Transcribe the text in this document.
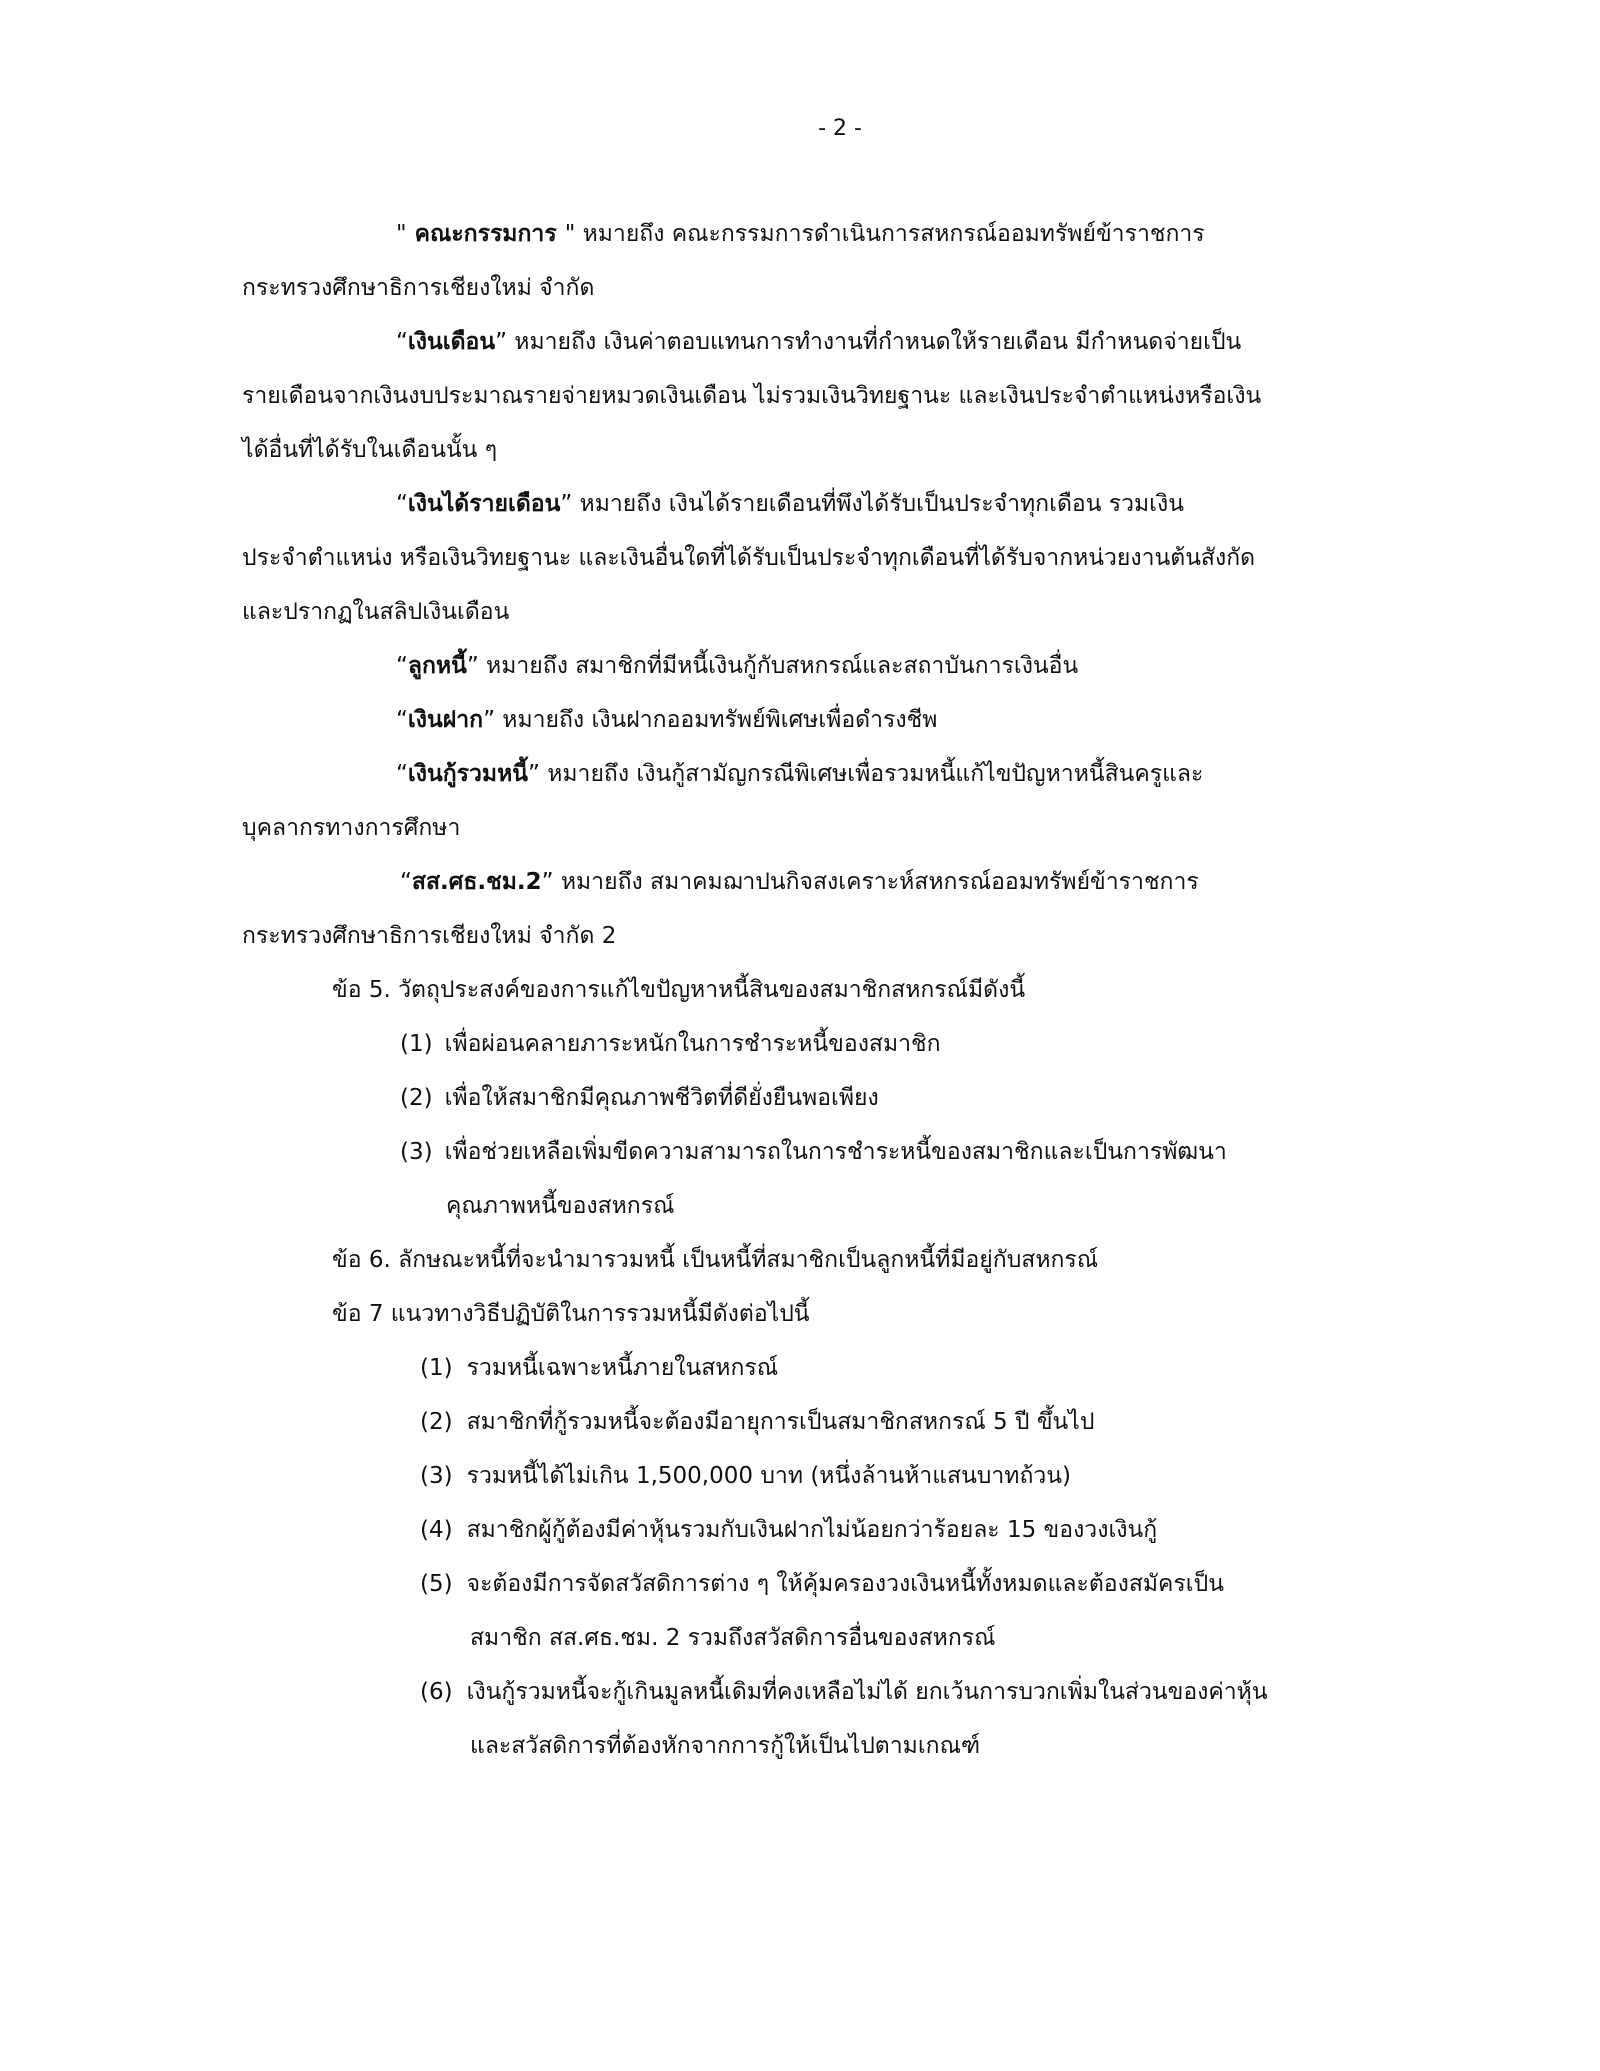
- 2 -
" คณะกรรมการ " หมายถึง คณะกรรมการดำเนินการสหกรณ์ออมทรัพย์ข้าราชการ
กระทรวงศึกษาธิการเชียงใหม่ จำกัด
“เงินเดือน” หมายถึง เงินค่าตอบแทนการทำงานที่กำหนดให้รายเดือน มีกำหนดจ่ายเป็น
รายเดือนจากเงินงบประมาณรายจ่ายหมวดเงินเดือน ไม่รวมเงินวิทยฐานะ และเงินประจำตำแหน่งหรือเงิน
ได้อื่นที่ได้รับในเดือนนั้น ๆ
“เงินได้รายเดือน” หมายถึง เงินได้รายเดือนที่พึงได้รับเป็นประจำทุกเดือน รวมเงิน
ประจำตำแหน่ง หรือเงินวิทยฐานะ และเงินอื่นใดที่ได้รับเป็นประจำทุกเดือนที่ได้รับจากหน่วยงานต้นสังกัด
และปรากฏในสลิปเงินเดือน
“ลูกหนี้” หมายถึง สมาชิกที่มีหนี้เงินกู้กับสหกรณ์และสถาบันการเงินอื่น
“เงินฝาก” หมายถึง เงินฝากออมทรัพย์พิเศษเพื่อดำรงชีพ
“เงินกู้รวมหนี้” หมายถึง เงินกู้สามัญกรณีพิเศษเพื่อรวมหนี้แก้ไขปัญหาหนี้สินครูและ
บุคลากรทางการศึกษา
“สส.ศธ.ชม.2” หมายถึง สมาคมฌาปนกิจสงเคราะห์สหกรณ์ออมทรัพย์ข้าราชการ
กระทรวงศึกษาธิการเชียงใหม่ จำกัด 2
ข้อ 5. วัตถุประสงค์ของการแก้ไขปัญหาหนี้สินของสมาชิกสหกรณ์มีดังนี้
(1) เพื่อผ่อนคลายภาระหนักในการชำระหนี้ของสมาชิก
(2) เพื่อให้สมาชิกมีคุณภาพชีวิตที่ดียั่งยืนพอเพียง
(3) เพื่อช่วยเหลือเพิ่มขีดความสามารถในการชำระหนี้ของสมาชิกและเป็นการพัฒนา
คุณภาพหนี้ของสหกรณ์
ข้อ 6. ลักษณะหนี้ที่จะนำมารวมหนี้ เป็นหนี้ที่สมาชิกเป็นลูกหนี้ที่มีอยู่กับสหกรณ์
ข้อ 7 แนวทางวิธีปฏิบัติในการรวมหนี้มีดังต่อไปนี้
(1) รวมหนี้เฉพาะหนี้ภายในสหกรณ์
(2) สมาชิกที่กู้รวมหนี้จะต้องมีอายุการเป็นสมาชิกสหกรณ์ 5 ปี ขึ้นไป
(3) รวมหนี้ได้ไม่เกิน 1,500,000 บาท (หนึ่งล้านห้าแสนบาทถ้วน)
(4) สมาชิกผู้กู้ต้องมีค่าหุ้นรวมกับเงินฝากไม่น้อยกว่าร้อยละ 15 ของวงเงินกู้
(5) จะต้องมีการจัดสวัสดิการต่าง ๆ ให้คุ้มครองวงเงินหนี้ทั้งหมดและต้องสมัครเป็น
สมาชิก สส.ศธ.ชม. 2 รวมถึงสวัสดิการอื่นของสหกรณ์
(6) เงินกู้รวมหนี้จะกู้เกินมูลหนี้เดิมที่คงเหลือไม่ได้ ยกเว้นการบวกเพิ่มในส่วนของค่าหุ้น
และสวัสดิการที่ต้องหักจากการกู้ให้เป็นไปตามเกณฑ์
